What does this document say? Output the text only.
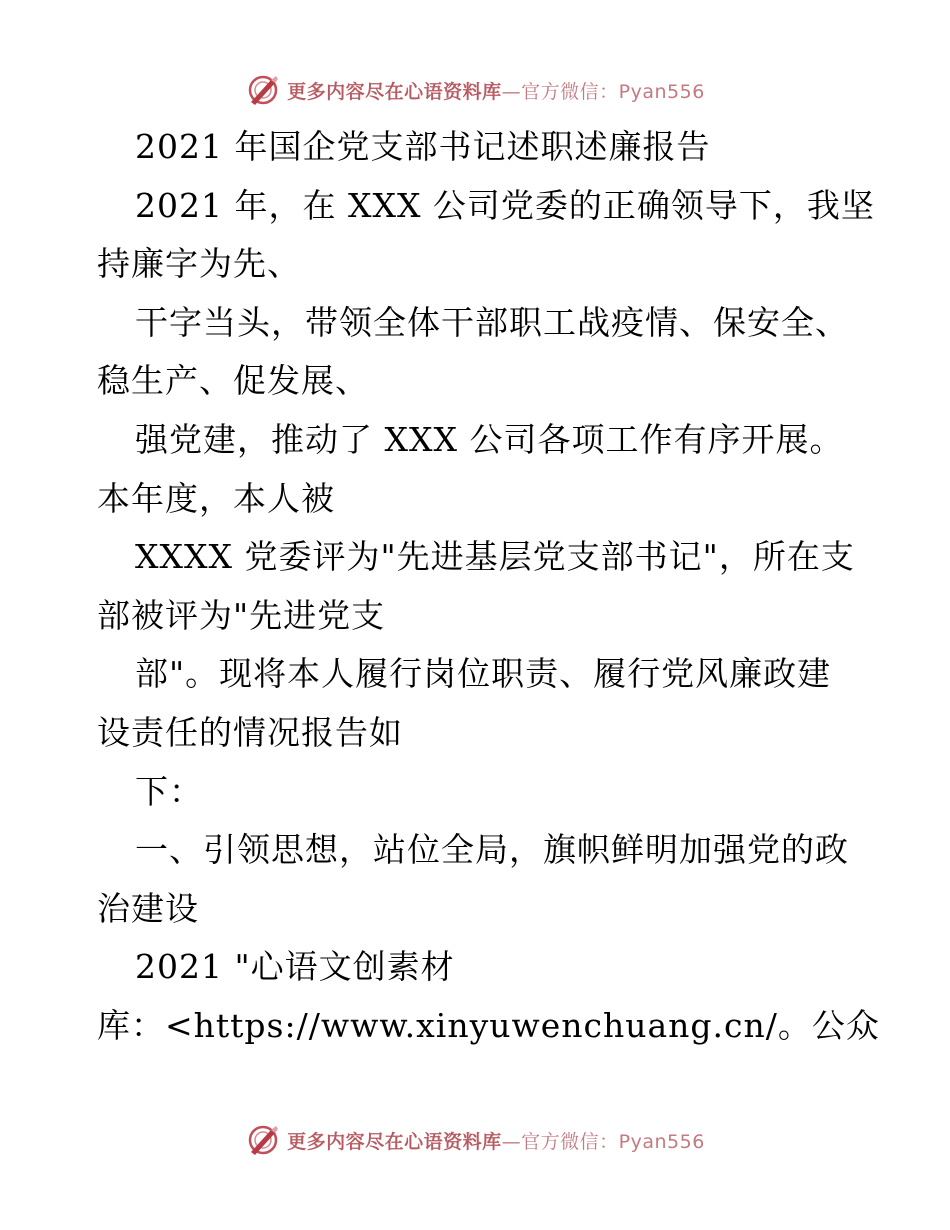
更多内容尽在心语资料库—官方微信：Pyan556
2021 年国企党支部书记述职述廉报告
2021 年，在 XXX 公司党委的正确领导下，我坚
持廉字为先、
干字当头，带领全体干部职工战疫情、保安全、
稳生产、促发展、
强党建，推动了 XXX 公司各项工作有序开展。
本年度，本人被
XXXX 党委评为"先进基层党支部书记"，所在支
部被评为"先进党支
部"。现将本人履行岗位职责、履行党风廉政建
设责任的情况报告如
下：
一、引领思想，站位全局，旗帜鲜明加强党的政
治建设
2021 "心语文创素材
库：<https://www.xinyuwenchuang.cn/。公众
更多内容尽在心语资料库—官方微信：Pyan556
